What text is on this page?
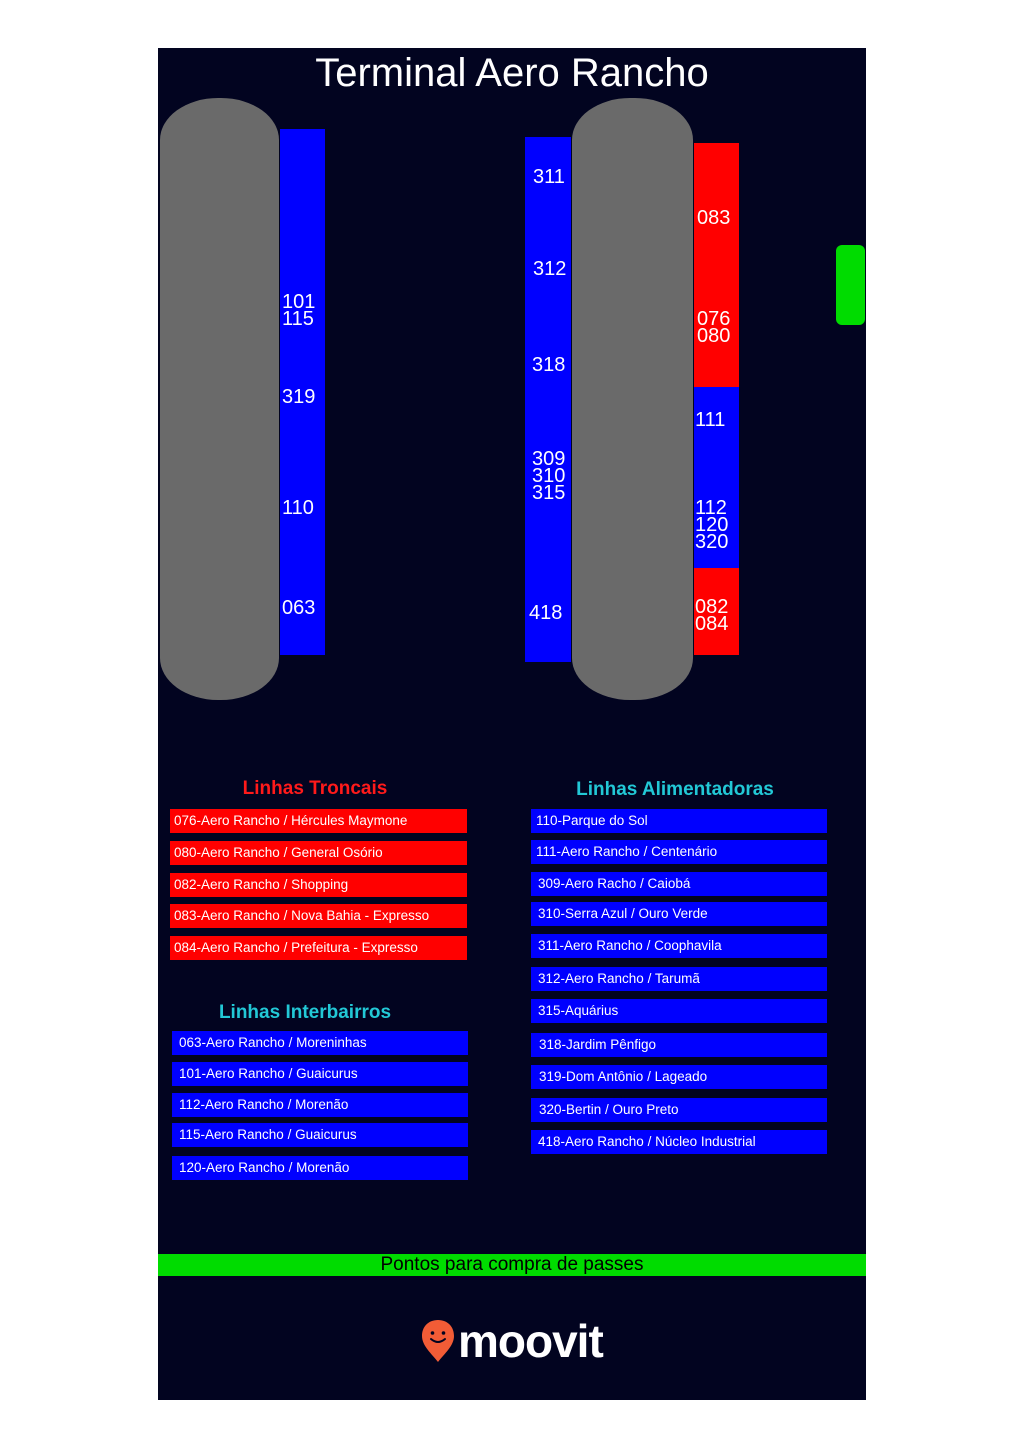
Terminal Aero Rancho
101
115
319
110
063
311
312
318
309
310
315
418
083
076
080
111
112
120
320
082
084
Linhas Troncais
076-Aero Rancho / Hércules Maymone
080-Aero Rancho / General Osório
082-Aero Rancho / Shopping
083-Aero Rancho / Nova Bahia - Expresso
084-Aero Rancho / Prefeitura - Expresso
Linhas Interbairros
063-Aero Rancho / Moreninhas
101-Aero Rancho / Guaicurus
112-Aero Rancho / Morenão
115-Aero Rancho / Guaicurus
120-Aero Rancho / Morenão
Linhas Alimentadoras
110-Parque do Sol
111-Aero Rancho / Centenário
309-Aero Racho / Caiobá
310-Serra Azul / Ouro Verde
311-Aero Rancho / Coophavila
312-Aero Rancho / Tarumã
315-Aquárius
318-Jardim Pênfigo
319-Dom Antônio / Lageado
320-Bertin / Ouro Preto
418-Aero Rancho / Núcleo Industrial
Pontos para compra de passes
moovit
